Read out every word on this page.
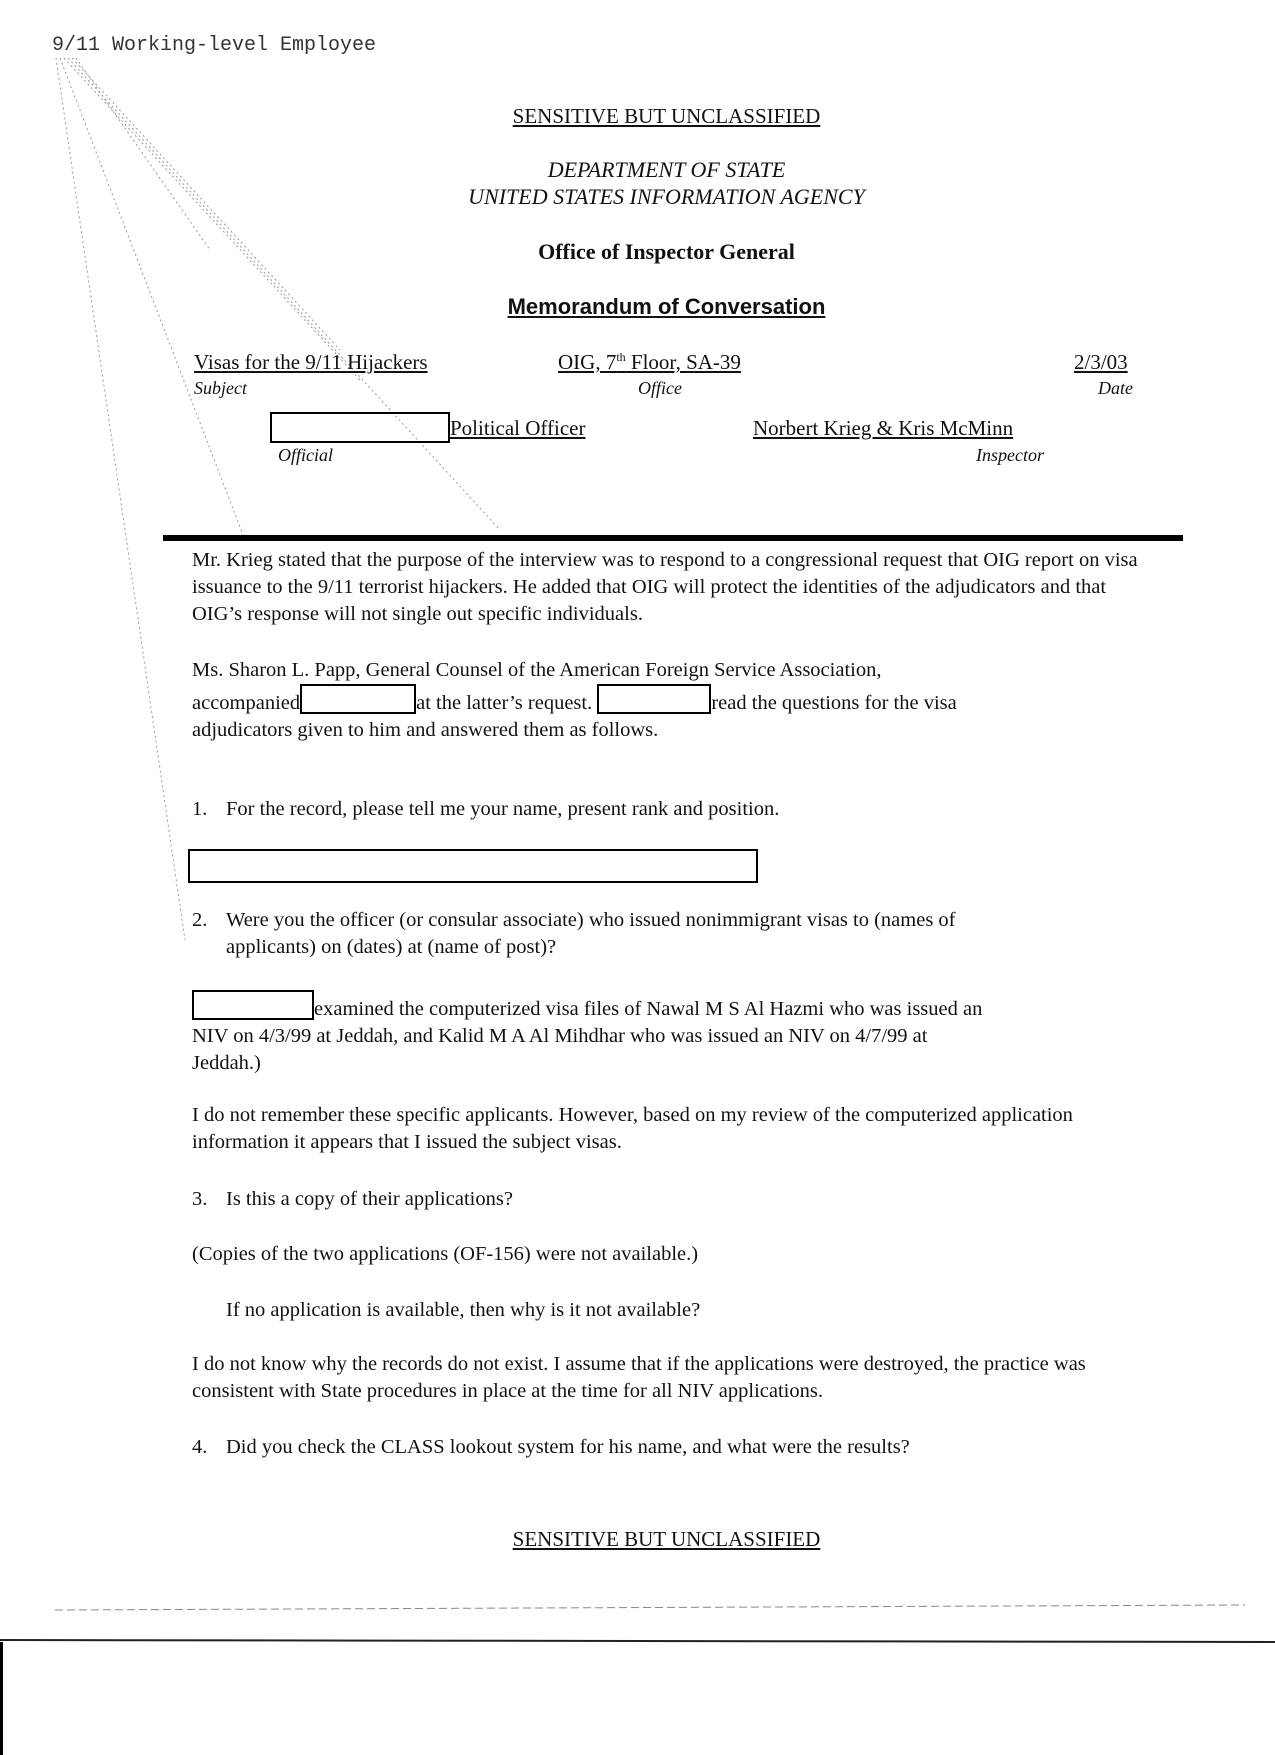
9/11 Working-level Employee
SENSITIVE BUT UNCLASSIFIED
DEPARTMENT OF STATE
UNITED STATES INFORMATION AGENCY
Office of Inspector General
Memorandum of Conversation
Visas for the 9/11 Hijackers
Subject
OIG, 7th Floor, SA-39
Office
2/3/03
Date
Political Officer
Official
Norbert Krieg & Kris McMinn
Inspector
Mr. Krieg stated that the purpose of the interview was to respond to a congressional request that OIG report on visa issuance to the 9/11 terrorist hijackers. He added that OIG will protect the identities of the adjudicators and that OIG’s response will not single out specific individuals.
Ms. Sharon L. Papp, General Counsel of the American Foreign Service Association,
accompanied	at the latter’s request.	read the questions for the visa
adjudicators given to him and answered them as follows.
1. For the record, please tell me your name, present rank and position.
2. Were you the officer (or consular associate) who issued nonimmigrant visas to (names of
applicants) on (dates) at (name of post)?
examined the computerized visa files of Nawal M S Al Hazmi who was issued an
NIV on 4/3/99 at Jeddah, and Kalid M A Al Mihdhar who was issued an NIV on 4/7/99 at
Jeddah.)
I do not remember these specific applicants. However, based on my review of the computerized application information it appears that I issued the subject visas.
3. Is this a copy of their applications?
(Copies of the two applications (OF-156) were not available.)
If no application is available, then why is it not available?
I do not know why the records do not exist. I assume that if the applications were destroyed, the practice was consistent with State procedures in place at the time for all NIV applications.
4. Did you check the CLASS lookout system for his name, and what were the results?
SENSITIVE BUT UNCLASSIFIED
